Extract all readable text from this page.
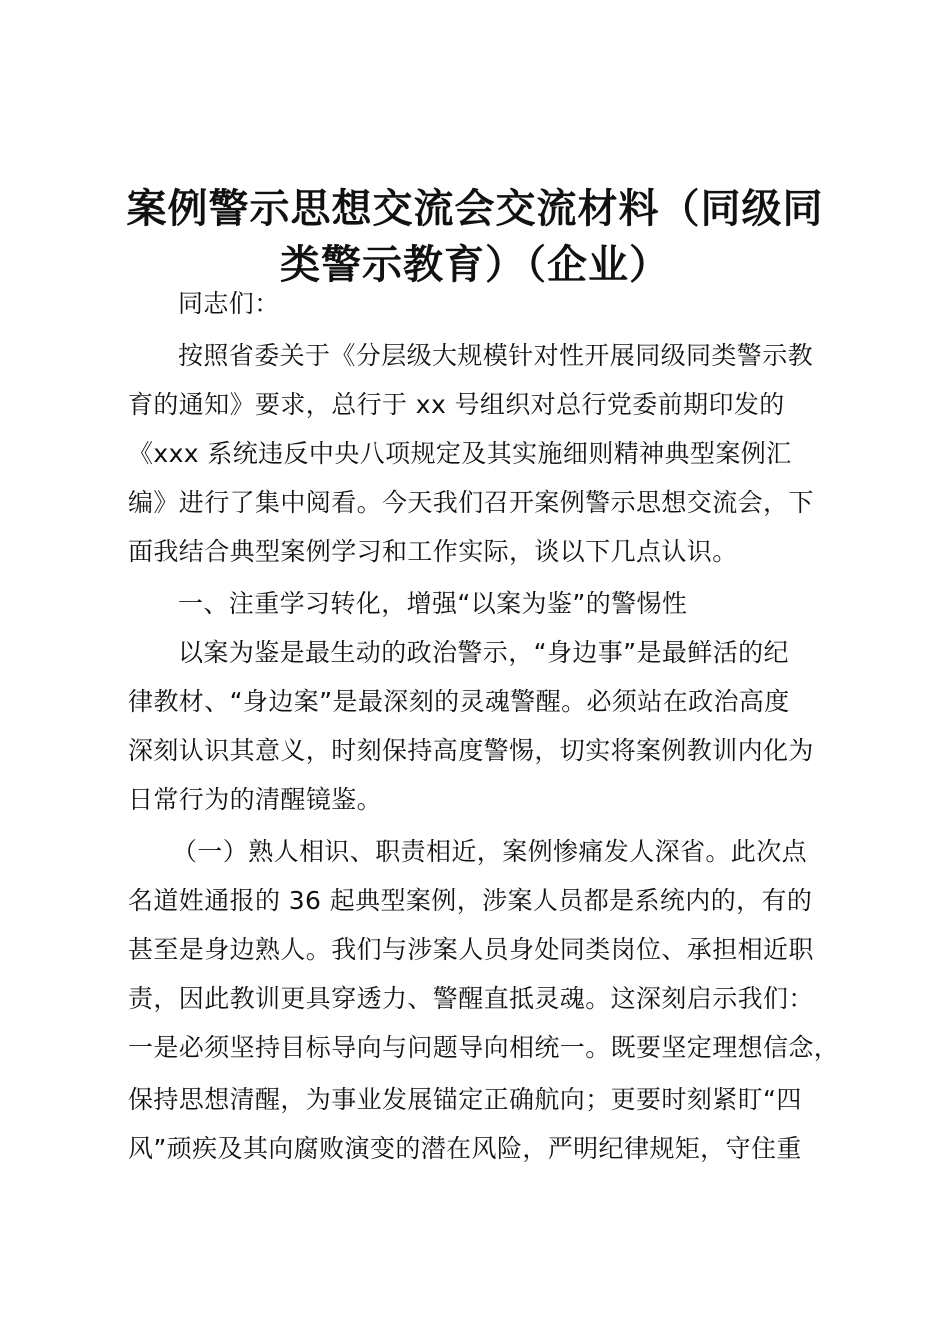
案例警示思想交流会交流材料（同级同
类警示教育）（企业）

同志们：

按照省委关于《分层级大规模针对性开展同级同类警示教

育的通知》要求，总行于 xx 号组织对总行党委前期印发的

《xxx 系统违反中央八项规定及其实施细则精神典型案例汇

编》进行了集中阅看。今天我们召开案例警示思想交流会，下

面我结合典型案例学习和工作实际，谈以下几点认识。

一、注重学习转化，增强“以案为鉴”的警惕性

以案为鉴是最生动的政治警示，“身边事”是最鲜活的纪

律教材、“身边案”是最深刻的灵魂警醒。必须站在政治高度

深刻认识其意义，时刻保持高度警惕，切实将案例教训内化为

日常行为的清醒镜鉴。

（一）熟人相识、职责相近，案例惨痛发人深省。此次点

名道姓通报的 36 起典型案例，涉案人员都是系统内的，有的

甚至是身边熟人。我们与涉案人员身处同类岗位、承担相近职

责，因此教训更具穿透力、警醒直抵灵魂。这深刻启示我们：

一是必须坚持目标导向与问题导向相统一。既要坚定理想信念，

保持思想清醒，为事业发展锚定正确航向；更要时刻紧盯“四

风”顽疾及其向腐败演变的潜在风险，严明纪律规矩，守住重
